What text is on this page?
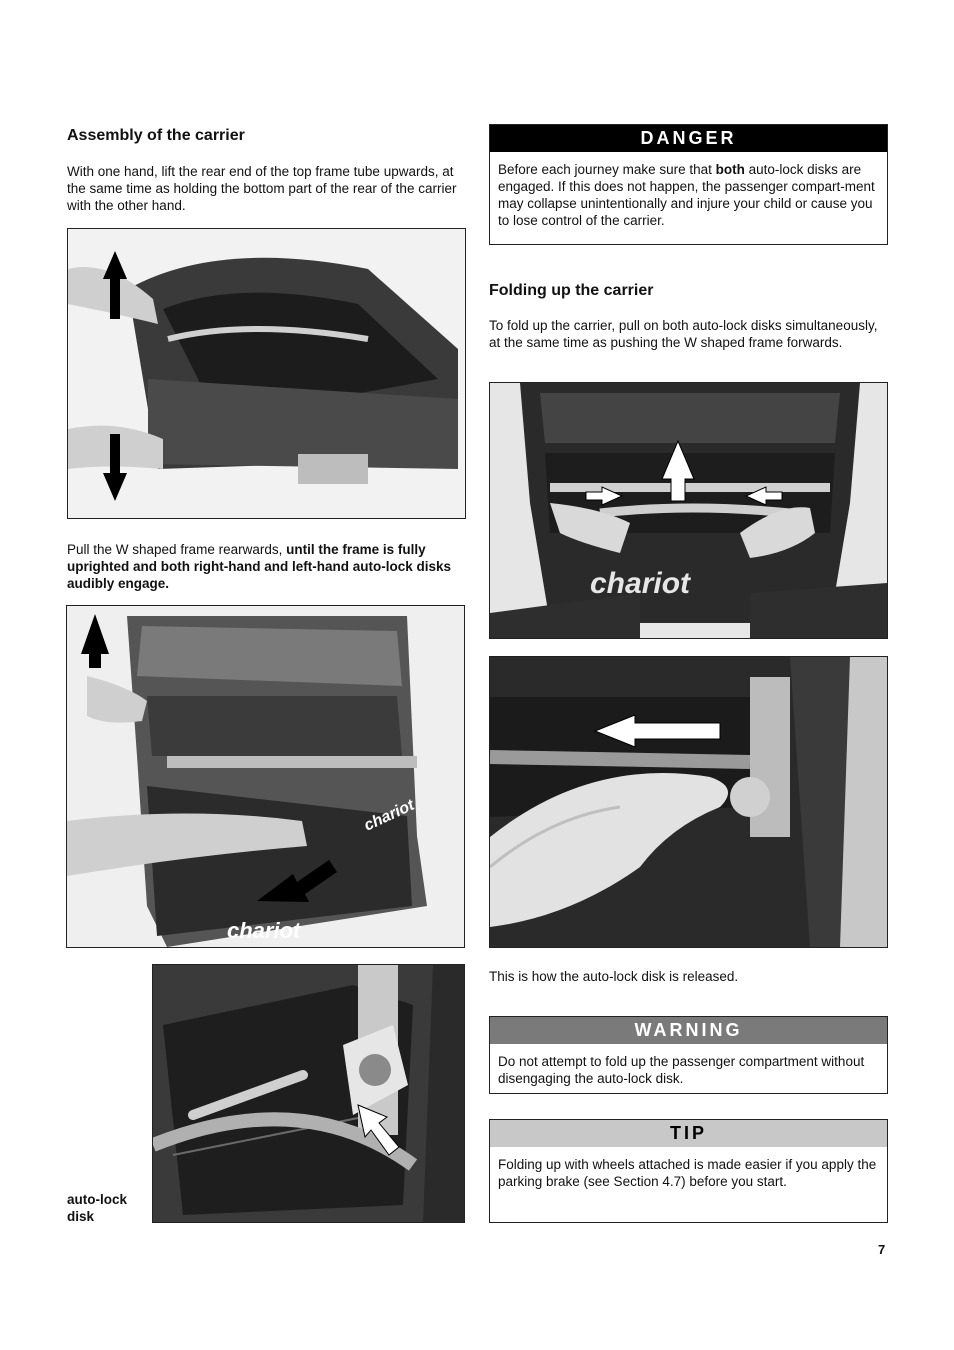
Assembly of the carrier

With one hand, lift the rear end of the top frame tube upwards, at the same time as holding the bottom part of the rear of the carrier with the other hand.

Pull the W shaped frame rearwards, until the frame is fully uprighted and both right-hand and left-hand auto-lock disks audibly engage.

chariot
chariot
auto-lock
disk
DANGER
Before each journey make sure that both auto-lock disks are engaged. If this does not happen, the passenger compart-ment may collapse unintentionally and injure your child or cause you to lose control of the carrier.
Folding up the carrier

To fold up the carrier, pull on both auto-lock disks simultaneously, at the same time as pushing the W shaped frame forwards.

chariot

This is how the auto-lock disk is released.

WARNING
Do not attempt to fold up the passenger compartment without disengaging the auto-lock disk.
TIP
Folding up with wheels attached is made easier if you apply the parking brake (see Section 4.7) before you start.
7
